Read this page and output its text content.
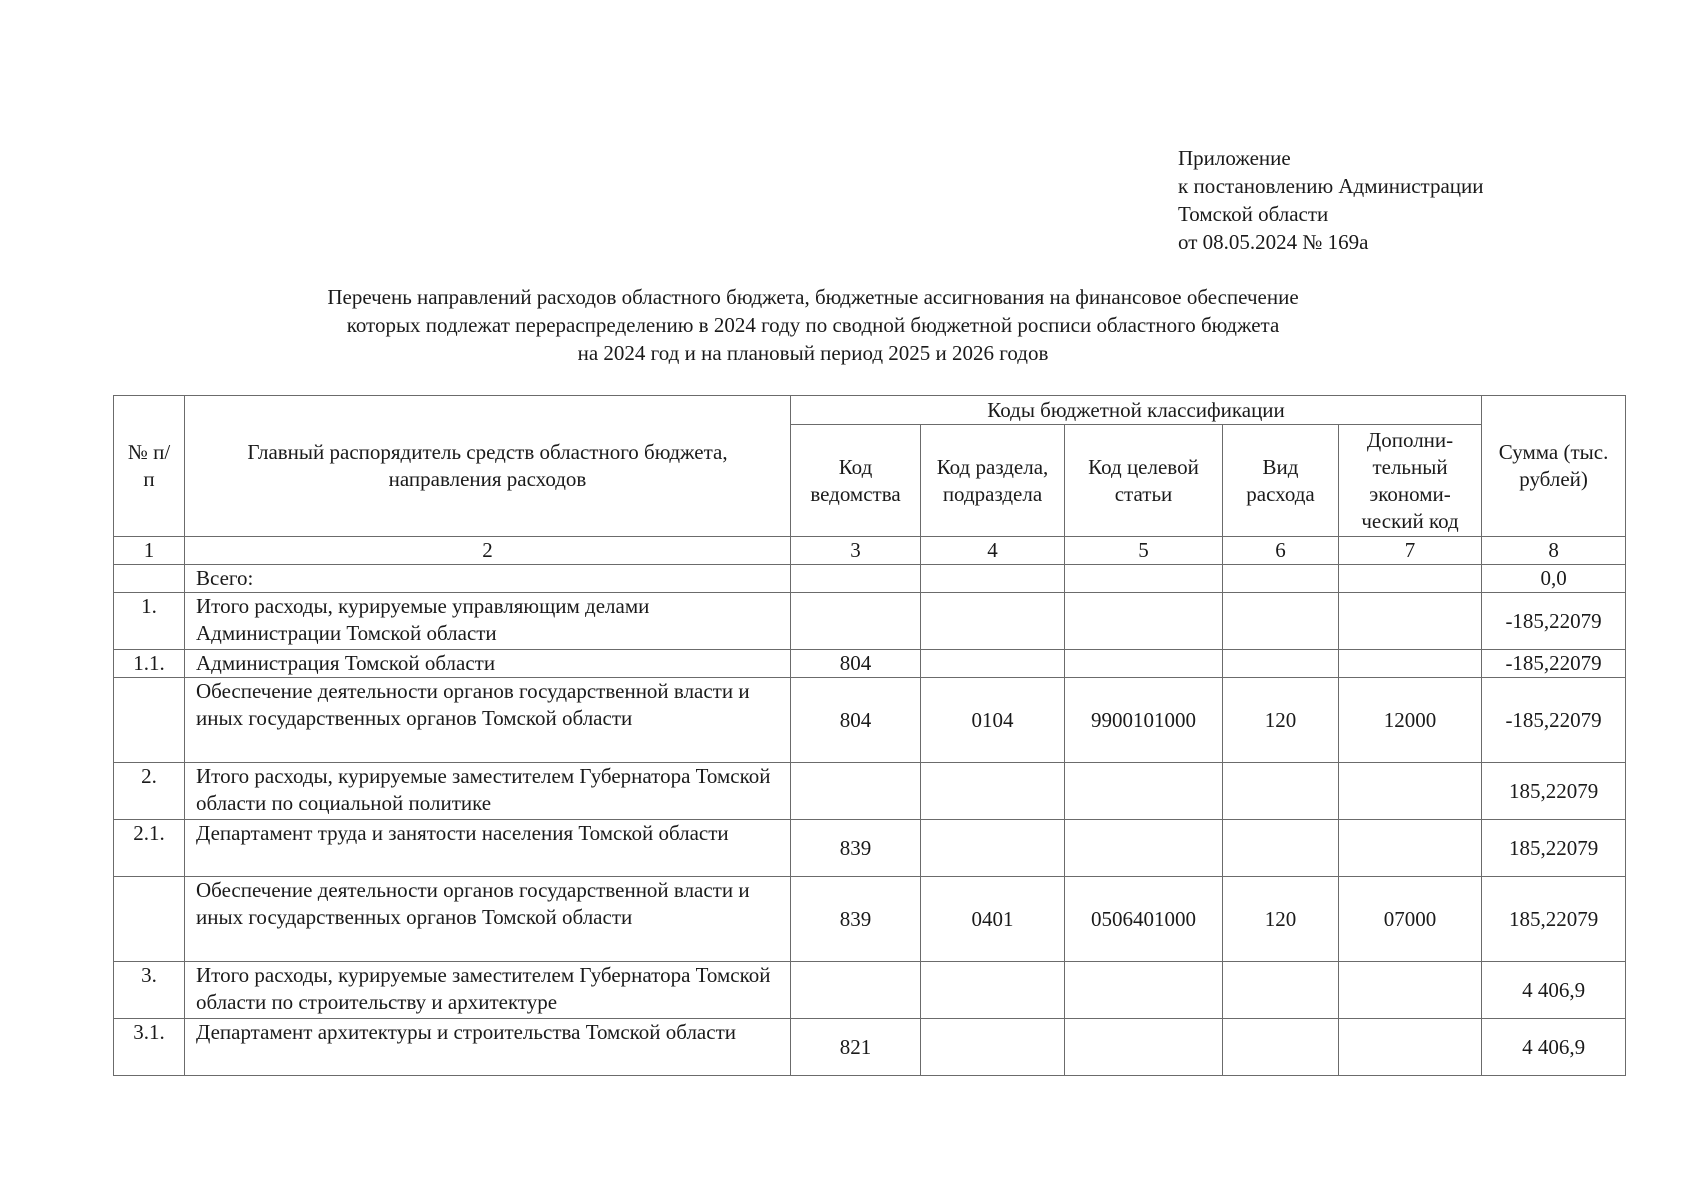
Приложение
к постановлению Администрации
Томской области
от 08.05.2024 № 169а
Перечень направлений расходов областного бюджета, бюджетные ассигнования на финансовое обеспечение
которых подлежат перераспределению в 2024 году по сводной бюджетной росписи областного бюджета
на 2024 год и на плановый период 2025 и 2026 годов
№ п/п	Главный распорядитель средств областного бюджета, направления расходов	Коды бюджетной классификации					Сумма (тыс. рублей)
		Код ведомства	Код раздела, подраздела	Код целевой статьи	Вид расхода	Дополни-тельный экономи-ческий код	
1	2	3	4	5	6	7	8
	Всего:						0,0
1.	Итого расходы, курируемые управляющим делами Администрации Томской области						-185,22079
1.1.	Администрация Томской области	804					-185,22079
	Обеспечение деятельности органов государственной власти и иных государственных органов Томской области	804	0104	9900101000	120	12000	-185,22079
2.	Итого расходы, курируемые заместителем Губернатора Томской области по социальной политике						185,22079
2.1.	Департамент труда и занятости населения Томской области	839					185,22079
	Обеспечение деятельности органов государственной власти и иных государственных органов Томской области	839	0401	0506401000	120	07000	185,22079
3.	Итого расходы, курируемые заместителем Губернатора Томской области по строительству и архитектуре						4 406,9
3.1.	Департамент архитектуры и строительства Томской области	821					4 406,9
